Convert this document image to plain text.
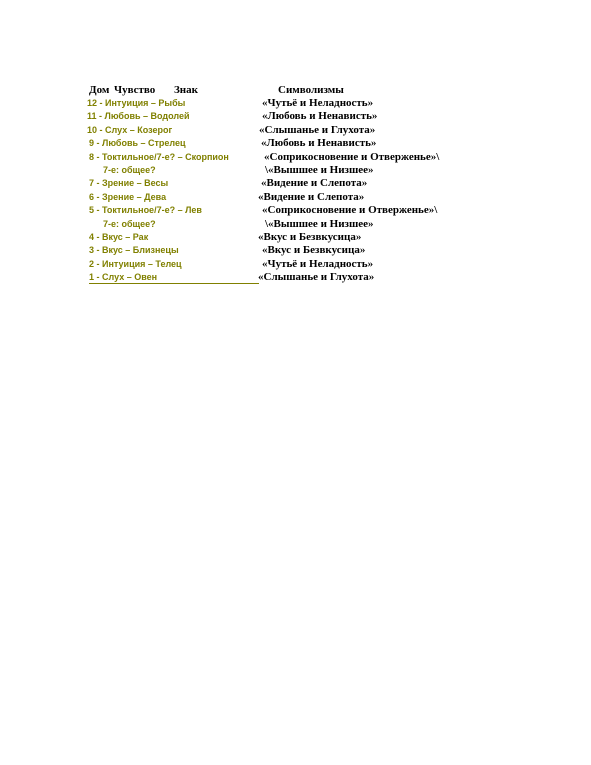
Дом Чувство Знак	Символизмы
12 - Интуиция – Рыбы	«Чутьё и Неладность»
11 - Любовь – Водолей	«Любовь и Ненависть»
10 - Слух – Козерог	«Слышанье и Глухота»
9 - Любовь – Стрелец	«Любовь и Ненависть»
8 - Токтильное/7-е? – Скорпион	«Соприкосновение и Отверженье»\
7-е: общее?	\«Вышшее и Низшее»
7 - Зрение – Весы	«Видение и Слепота»
6 - Зрение – Дева	«Видение и Слепота»
5 - Токтильное/7-е? – Лев	«Соприкосновение и Отверженье»\
7-е: общее?	\«Вышшее и Низшее»
4 - Вкус – Рак	«Вкус и Безвкусица»
3 - Вкус – Близнецы	«Вкус и Безвкусица»
2 - Интуиция – Телец	«Чутьё и Неладность»
1 - Слух – Овен	«Слышанье и Глухота»
